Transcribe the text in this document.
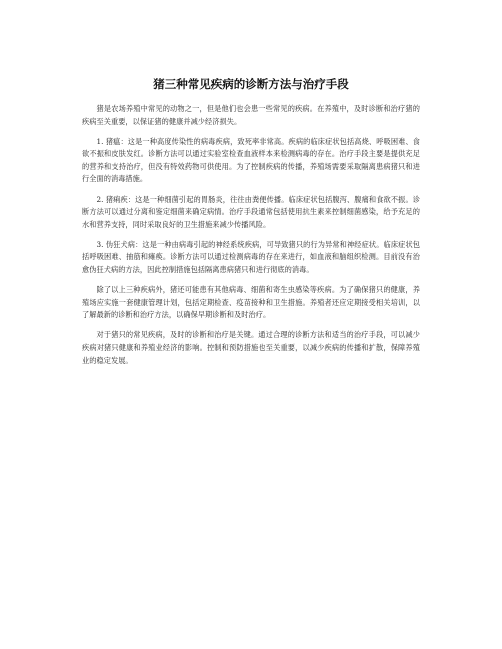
猪三种常见疾病的诊断方法与治疗手段

猪是农场养殖中常见的动物之一，但是他们也会患一些常见的疾病。在养殖中，及时诊断和治疗猪的疾病至关重要，以保证猪的健康并减少经济损失。

1. 猪瘟：这是一种高度传染性的病毒疾病，致死率非常高。疾病的临床症状包括高烧、呼吸困难、食欲不振和皮肤发红。诊断方法可以通过实验室检查血液样本来检测病毒的存在。治疗手段主要是提供充足的营养和支持治疗，但没有特效药物可供使用。为了控制疾病的传播，养殖场需要采取隔离患病猪只和进行全面的消毒措施。

2. 猪痢疾：这是一种细菌引起的胃肠炎，往往由粪便传播。临床症状包括腹泻、腹痛和食欲不振。诊断方法可以通过分离和鉴定细菌来确定病情。治疗手段通常包括使用抗生素来控制细菌感染，给予充足的水和营养支持，同时采取良好的卫生措施来减少传播风险。

3. 伪狂犬病：这是一种由病毒引起的神经系统疾病，可导致猪只的行为异常和神经症状。临床症状包括呼吸困难、抽筋和瘫痪。诊断方法可以通过检测病毒的存在来进行，如血液和脑组织检测。目前没有治愈伪狂犬病的方法，因此控制措施包括隔离患病猪只和进行彻底的消毒。

除了以上三种疾病外，猪还可能患有其他病毒、细菌和寄生虫感染等疾病。为了确保猪只的健康，养殖场应实施一套健康管理计划，包括定期检查、疫苗接种和卫生措施。养殖者还应定期接受相关培训，以了解最新的诊断和治疗方法，以确保早期诊断和及时治疗。

对于猪只的常见疾病，及时的诊断和治疗是关键。通过合理的诊断方法和适当的治疗手段，可以减少疾病对猪只健康和养殖业经济的影响。控制和预防措施也至关重要，以减少疾病的传播和扩散，保障养殖业的稳定发展。
